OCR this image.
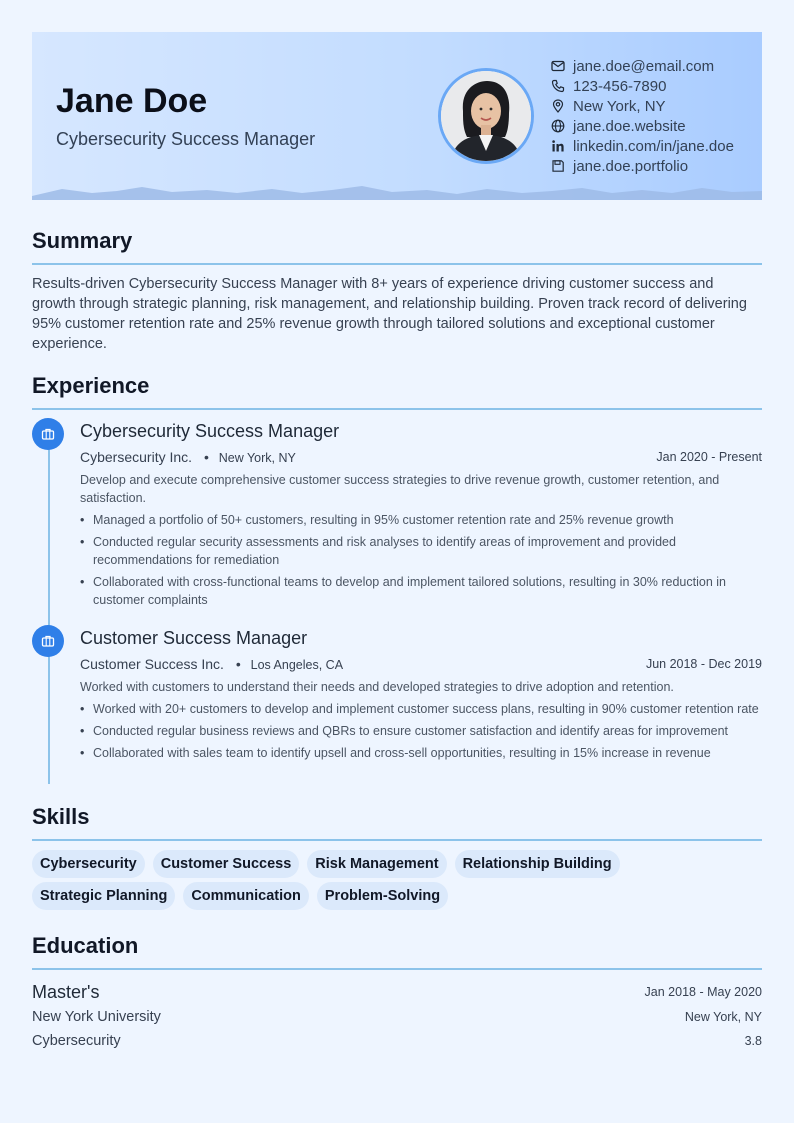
Jane Doe
Cybersecurity Success Manager
jane.doe@email.com
123-456-7890
New York, NY
jane.doe.website
linkedin.com/in/jane.doe
jane.doe.portfolio
Summary
Results-driven Cybersecurity Success Manager with 8+ years of experience driving customer success and growth through strategic planning, risk management, and relationship building. Proven track record of delivering 95% customer retention rate and 25% revenue growth through tailored solutions and exceptional customer experience.
Experience
Cybersecurity Success Manager
Cybersecurity Inc. • New York, NY	Jan 2020 - Present
Develop and execute comprehensive customer success strategies to drive revenue growth, customer retention, and satisfaction.
• Managed a portfolio of 50+ customers, resulting in 95% customer retention rate and 25% revenue growth
• Conducted regular security assessments and risk analyses to identify areas of improvement and provided recommendations for remediation
• Collaborated with cross-functional teams to develop and implement tailored solutions, resulting in 30% reduction in customer complaints
Customer Success Manager
Customer Success Inc. • Los Angeles, CA	Jun 2018 - Dec 2019
Worked with customers to understand their needs and developed strategies to drive adoption and retention.
• Worked with 20+ customers to develop and implement customer success plans, resulting in 90% customer retention rate
• Conducted regular business reviews and QBRs to ensure customer satisfaction and identify areas for improvement
• Collaborated with sales team to identify upsell and cross-sell opportunities, resulting in 15% increase in revenue
Skills
Cybersecurity	Customer Success	Risk Management	Relationship Building
Strategic Planning	Communication	Problem-Solving
Education
Master's	Jan 2018 - May 2020
New York University	New York, NY
Cybersecurity	3.8
